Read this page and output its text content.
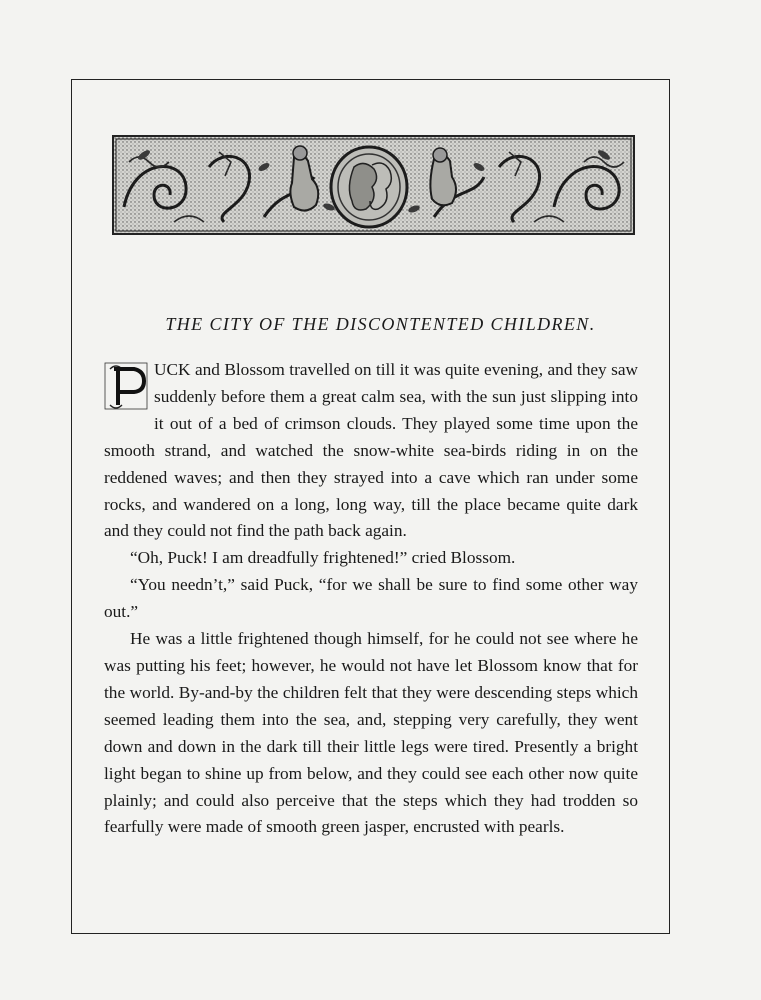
THE CITY OF THE DISCONTENTED CHILDREN.

UCK and Blossom travelled on till it was quite evening, and they saw suddenly before them a great calm sea, with the sun just slipping into it out of a bed of crimson clouds. They played some time upon the smooth strand, and watched the snow-white sea-birds riding in on the reddened waves; and then they strayed into a cave which ran under some rocks, and wandered on a long, long way, till the place became quite dark and they could not find the path back again.

“Oh, Puck! I am dreadfully frightened!” cried Blossom.

“You needn’t,” said Puck, “for we shall be sure to find some other way out.”

He was a little frightened though himself, for he could not see where he was putting his feet; however, he would not have let Blossom know that for the world. By-and-by the children felt that they were descending steps which seemed leading them into the sea, and, stepping very carefully, they went down and down in the dark till their little legs were tired. Presently a bright light began to shine up from below, and they could see each other now quite plainly; and could also perceive that the steps which they had trodden so fearfully were made of smooth green jasper, encrusted with pearls.
